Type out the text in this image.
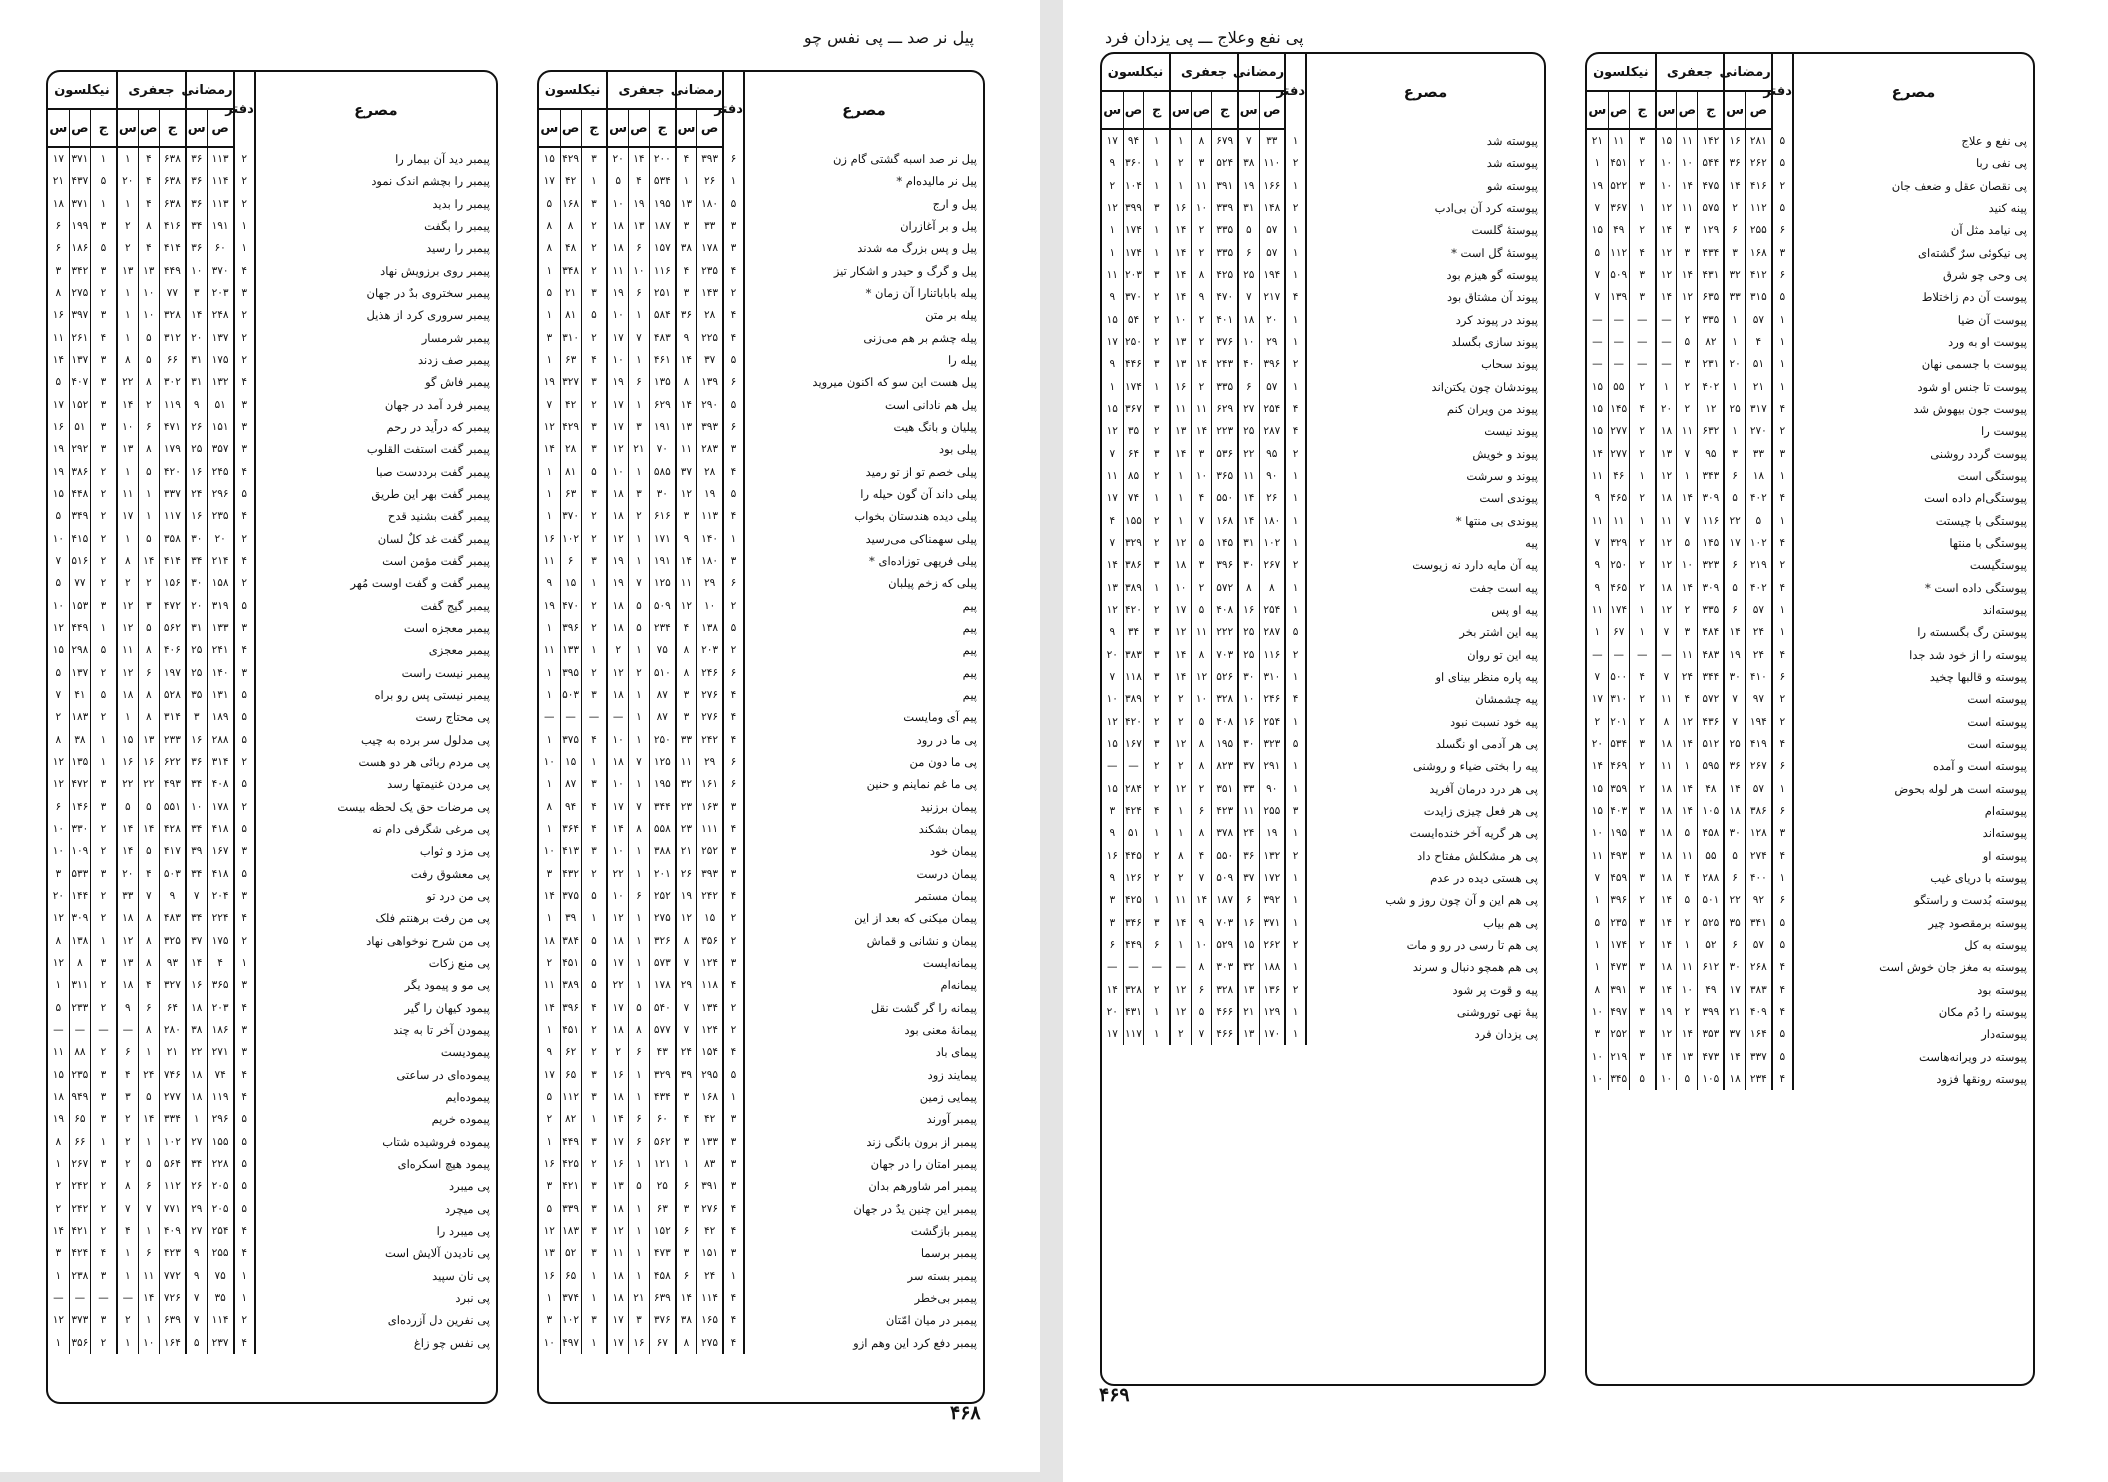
پیل نر صد ـــ پی نفس چو
مصرع	دفتر	رمضانی		جعفری			نیکلسون		
		ص	س	ج	ص	س	ج	ص	س
پیل نر صد اسبه گشتی گام زن	۶	۳۹۳	۴	۲۰۰	۱۴	۲۰	۳	۴۲۹	۱۵
پیل نر مالیده‌ام *	۱	۲۶	۱	۵۳۴	۴	۵	۱	۴۲	۱۷
پیل و ارج	۵	۱۸۰	۱۳	۱۹۵	۱۹	۱۰	۳	۱۶۸	۵
پیل و بر آغازران	۳	۳۳	۳	۱۸۷	۱۳	۱۸	۲	۸	۸
پیل و پس بزرگ مه شدند	۳	۱۷۸	۳۸	۱۵۷	۶	۱۸	۲	۴۸	۸
پیل و گرگ و حیدر و اشکار تیز	۴	۲۳۵	۴	۱۱۶	۱۰	۱۱	۲	۳۴۸	۱
پیله باباباتنارا آن زمان *	۲	۱۴۳	۳	۲۵۱	۶	۱۹	۳	۲۱	۵
پیله بر متن	۴	۲۸	۳۶	۵۸۴	۱	۱۰	۵	۸۱	۱
پیله چشم بر هم می‌زنی	۴	۲۲۵	۹	۴۸۳	۷	۱۷	۲	۳۱۰	۳
پیله را	۵	۳۷	۱۴	۴۶۱	۱	۱۰	۴	۶۳	۱
پیل هست این سو که اکنون میروید	۶	۱۳۹	۸	۱۳۵	۶	۱۹	۳	۳۲۷	۱۹
پیل هم نادانی است	۵	۲۹۰	۱۴	۶۲۹	۱	۱۷	۲	۴۲	۷
پیلیان و بانگ هیت	۶	۳۹۳	۱۳	۱۹۱	۳	۱۷	۳	۴۲۹	۱۲
پیلی بود	۳	۲۸۳	۱۱	۷۰	۲۱	۱۲	۳	۲۸	۱۴
پیلی خصم تو از تو رمید	۴	۲۸	۳۷	۵۸۵	۱	۱۰	۵	۸۱	۱
پیلی داند آن گون حیله را	۵	۱۹	۱۲	۳۰	۳	۱۸	۳	۶۳	۱
پیلی دیده هندستان بخواب	۴	۱۱۳	۳	۶۱۶	۲	۱۸	۲	۳۷۰	۱
پیلی سهمناکی می‌رسید	۱	۱۴۰	۹	۱۷۱	۱	۱۲	۲	۱۰۲	۱۶
پیلی فریهی توزاده‌ای *	۳	۱۸۰	۱۴	۱۹۱	۱	۱۹	۳	۶	۱۱
پیلی که زخم پیلبان	۶	۲۹	۱۱	۱۲۵	۷	۱۹	۱	۱۵	۹
پیم	۲	۱۰	۱۲	۵۰۹	۵	۱۸	۲	۴۷۰	۱۹
پیم	۵	۱۳۸	۴	۲۳۴	۵	۱۸	۲	۳۹۶	۱
پیم	۲	۲۰۳	۸	۷۵	۱	۲	۱	۱۳۳	۱۱
پیم	۶	۲۴۶	۸	۵۱۰	۲	۱۲	۲	۳۹۵	۱
پیم	۴	۲۷۶	۳	۸۷	۱	۱۸	۳	۵۰۳	۱
پیم آی ومایست	۴	۲۷۶	۳	۸۷	۱	—	—	—	—
پی ما در رود	۴	۲۴۲	۳۳	۲۵۰	۱	۱۰	۴	۳۷۵	۱
پی ما دون من	۶	۲۹	۱۱	۱۲۵	۷	۱۸	۱	۱۵	۱۰
پی ما غم نماینم و حنین	۶	۱۶۱	۳۲	۱۹۵	۱	۱۰	۳	۸۷	۱
پیمان برزنید	۳	۱۶۳	۲۳	۳۴۴	۷	۱۷	۴	۹۴	۸
پیمان بشکند	۴	۱۱۱	۲۳	۵۵۸	۸	۱۴	۴	۳۶۴	۱
پیمان خود	۳	۲۵۲	۲۱	۳۸۸	۱	۱۰	۳	۴۱۳	۱۰
پیمان درست	۳	۳۹۳	۲۶	۲۰۱	۱	۲۲	۲	۴۳۲	۳
پیمان مستمر	۴	۲۴۲	۱۹	۲۵۲	۶	۱۰	۵	۳۷۵	۱۴
پیمان میکنی که بعد از این	۲	۱۵	۱۲	۲۷۵	۱	۱۲	۱	۳۹	۱
پیمان و نشانی و قماش	۲	۳۵۶	۸	۳۲۶	۱	۱۸	۵	۳۸۴	۱۸
پیمانه‌ایست	۳	۱۲۴	۷	۵۷۳	۱	۱۷	۵	۴۵۱	۲
پیمانه‌ام	۴	۱۱۸	۲۹	۱۷۸	۱	۲۲	۵	۳۸۹	۱۱
پیمانه را گر گشت نقل	۲	۱۳۴	۷	۵۴۰	۵	۱۷	۴	۳۹۶	۱۴
پیمانهٔ معنی بود	۲	۱۲۴	۷	۵۷۷	۸	۱۸	۲	۴۵۱	۱
پیمای باد	۴	۱۵۴	۲۴	۴۳	۶	۲	۲	۶۲	۹
پیمایند زود	۵	۲۹۵	۳۹	۳۲۹	۱	۱۶	۳	۶۵	۱۷
پیمایی زمین	۱	۱۶۸	۳	۴۳۴	۱	۱۸	۳	۱۱۲	۵
پیمبر آورند	۳	۴۲	۴	۶۰	۶	۱۴	۱	۸۲	۲
پیمبر از برون بانگی زند	۳	۱۳۳	۳	۵۶۲	۶	۱۷	۳	۴۴۹	۱
پیمبر امتان را در جهان	۳	۸۳	۱	۱۲۱	۱	۱۶	۲	۴۲۵	۱۶
پیمبر امر شاورهم بدان	۳	۳۹۱	۶	۲۵	۵	۱۳	۳	۴۲۱	۳
پیمبر این چنین یدٌ در جهان	۴	۲۷۶	۳	۶۳	۱	۱۸	۳	۳۳۹	۵
پیمبر بازگشت	۴	۴۲	۶	۱۵۲	۱	۱۲	۳	۱۸۳	۱۲
پیمبر برسما	۳	۱۵۱	۳	۴۷۳	۱	۱۱	۳	۵۲	۱۳
پیمبر بسته سر	۱	۲۴	۶	۴۵۸	۱	۱۸	۱	۶۵	۱۶
پیمبر بی‌خطر	۴	۱۱۴	۱۴	۶۳۹	۲۱	۱۸	۱	۳۷۴	۱
پیمبر در میان امّتان	۴	۱۶۵	۳۸	۳۷۶	۳	۱۷	۳	۱۰۲	۳
پیمبر دفع کرد این وهم ازو	۴	۲۷۵	۸	۶۷	۱۶	۱۷	۱	۴۹۷	۱۰
مصرع	دفتر	رمضانی		جعفری			نیکلسون		
		ص	س	ج	ص	س	ج	ص	س
پیمبر دید آن بیمار را	۲	۱۱۳	۳۶	۶۳۸	۴	۱	۱	۳۷۱	۱۷
پیمبر را بچشم اندک نمود	۲	۱۱۴	۳۶	۶۳۸	۴	۲۰	۵	۴۳۷	۲۱
پیمبر را بدید	۲	۱۱۳	۳۶	۶۳۸	۴	۱	۱	۳۷۱	۱۸
پیمبر را بگفت	۱	۱۹۱	۳۴	۴۱۶	۸	۲	۳	۱۹۹	۶
پیمبر را رسید	۱	۶۰	۳۶	۴۱۴	۴	۲	۵	۱۸۶	۶
پیمبر روی برزویش نهاد	۴	۳۷۰	۱۰	۴۴۹	۱۳	۱۳	۳	۳۴۲	۳
پیمبر سختروی بدٌ در جهان	۳	۲۰۳	۳	۷۷	۱۰	۱	۲	۲۷۵	۸
پیمبر سروری کرد از هذیل	۲	۲۴۸	۱۴	۳۲۸	۱۰	۱	۳	۳۹۷	۱۶
پیمبر شرمسار	۲	۱۳۷	۲۰	۳۱۲	۵	۱	۴	۲۶۱	۱۱
پیمبر صف زدند	۲	۱۷۵	۳۱	۶۶	۵	۸	۳	۱۳۷	۱۴
پیمبر فاش گو	۴	۱۳۲	۳۱	۳۰۲	۸	۲۲	۳	۴۰۷	۵
پیمبر فرد آمد در جهان	۳	۵۱	۹	۱۱۹	۲	۱۴	۳	۱۵۲	۱۷
پیمبر که دراًید در رحم	۳	۱۵۱	۲۶	۴۷۱	۶	۱۰	۳	۵۱	۱۶
پیمبر گفت استفت القلوب	۳	۳۵۷	۲۵	۱۷۹	۸	۱۳	۳	۲۹۲	۱۹
پیمبر گفت برددست صبا	۴	۲۴۵	۱۶	۴۲۰	۵	۱	۲	۳۸۶	۱۹
پیمبر گفت بهر این طریق	۵	۲۹۶	۲۴	۳۳۷	۱	۱۱	۲	۴۴۸	۱۵
پیمبر گفت بشنید قدح	۴	۲۳۵	۱۶	۱۱۷	۱	۱۷	۲	۳۴۹	۵
پیمبر گفت غد کلٌ لسان	۲	۲۰	۳۰	۳۵۸	۵	۱	۲	۴۱۵	۱۰
پیمبر گفت مؤمن است	۴	۲۱۴	۳۴	۴۱۴	۱۴	۸	۲	۵۱۶	۷
پیمبر گفت و گفت اوست مُهر	۲	۱۵۸	۳۰	۱۵۶	۲	۲	۲	۷۷	۵
پیمبر گیج گفت	۵	۳۱۹	۲۰	۴۷۲	۳	۱۲	۳	۱۵۳	۱۰
پیمبر معجزه است	۳	۱۳۳	۳۱	۵۶۲	۵	۱۲	۱	۴۴۹	۱۲
پیمبر معجزی	۴	۲۴۱	۲۵	۴۰۶	۸	۱۱	۵	۲۹۸	۱۵
پیمبر نیست راست	۳	۱۴۰	۲۵	۱۹۷	۶	۱۲	۲	۱۳۷	۵
پیمبر نیستی پس رو براه	۵	۱۳۱	۳۵	۵۲۸	۸	۱۸	۵	۴۱	۷
پی محتاج رست	۵	۱۸۹	۳	۳۱۴	۸	۱	۲	۱۸۳	۲
پی مدلول سر برده به چیب	۵	۲۸۸	۱۶	۲۳۳	۱۳	۱۵	۱	۳۸	۸
پی مردم ربائی هر دو هست	۲	۳۱۴	۳۶	۶۲۲	۱۶	۱۶	۱	۱۳۵	۱۲
پی مردن غنیمتها رسد	۵	۴۰۸	۳۴	۴۹۳	۲۲	۲۲	۳	۴۷۲	۱۲
پی مرضات حق یک لحظه بیست	۲	۱۷۸	۱۰	۵۵۱	۵	۵	۳	۱۴۶	۶
پی مرغی شگرفی دام نه	۵	۴۱۸	۳۴	۴۲۸	۱۴	۱۴	۲	۳۳۰	۱۰
پی مزد و ثواب	۳	۱۶۷	۳۹	۴۱۷	۵	۱۴	۲	۱۰۹	۱۰
پی معشوق رفت	۵	۴۱۸	۳۴	۵۰۳	۴	۲۰	۳	۵۳۳	۳
پی من درد تو	۳	۲۰۴	۷	۹	۷	۳۳	۲	۱۴۴	۲۰
پی من رفت برهنتم فلک	۴	۲۲۴	۳۴	۴۸۳	۸	۱۸	۲	۳۰۹	۱۲
پی من شرح نوخواهی نهاد	۲	۱۷۵	۳۷	۳۲۵	۸	۱۲	۱	۱۳۸	۸
پی منع زکات	۱	۴	۱۴	۹۳	۸	۱۳	۳	۸	۱۲
پی مو و پیمود یگر	۳	۳۶۵	۱۶	۳۲۷	۴	۱۸	۲	۳۱۱	۱
پیمود کیهان را گیر	۴	۲۰۳	۱۸	۶۴	۶	۹	۲	۲۳۳	۵
پیمودن آخر تا به چند	۳	۱۸۶	۳۸	۲۸۰	۸	—	—	—	—
پیمودیست	۳	۲۷۱	۲۲	۲۱	۱	۶	۲	۸۸	۱۱
پیموده‌ای در ساعتی	۴	۷۴	۱۸	۷۴۶	۲۴	۴	۳	۲۳۵	۱۵
پیموده‌ایم	۴	۱۱۹	۱۸	۲۷۷	۵	۳	۳	۹۴۹	۱۸
پیموده خریم	۵	۲۹۶	۱	۳۳۴	۱۴	۲	۳	۶۵	۱۹
پیموده فروشیده شتاب	۵	۱۵۵	۲۷	۱۰۲	۱	۲	۱	۶۶	۸
پیمود هیچ اسکره‌ای	۵	۲۲۸	۳۴	۵۶۴	۵	۲	۳	۲۶۷	۱
پی میبرد	۵	۲۰۵	۲۶	۱۱۲	۶	۸	۲	۲۴۲	۲
پی میچرد	۵	۲۰۵	۲۹	۷۷۱	۷	۷	۲	۲۴۲	۲
پی میبرد را	۴	۲۵۴	۲۷	۴۰۹	۱	۴	۲	۴۲۱	۱۴
پی نادیدن آلایش است	۴	۲۵۵	۹	۴۲۳	۶	۱	۴	۴۲۴	۳
پی نان سپید	۱	۷۵	۹	۷۷۲	۱۱	۱	۳	۲۳۸	۱
پی نبرد	۱	۳۵	۷	۷۲۶	۱۴	—	—	—	—
پی نفرین دل آزرده‌ای	۲	۱۱۴	۷	۶۳۹	۱	۲	۳	۳۷۳	۱۲
پی نفس چو زاغ	۴	۲۳۷	۵	۱۶۴	۱۰	۱	۲	۳۵۶	۱
۴۶۸
پی نفع وعلاج ـــ پی یزدان فرد
مصرع	دفتر	رمضانی		جعفری			نیکلسون		
		ص	س	ج	ص	س	ج	ص	س
پی نفع و علاج	۵	۲۸۱	۱۶	۱۴۲	۱۱	۱۵	۳	۱۱	۲۱
پی نفی ربا	۵	۲۶۲	۳۶	۵۴۴	۱۰	۱۰	۲	۴۵۱	۱
پی نقصان عقل و ضعف جان	۲	۴۱۶	۱۴	۴۷۵	۱۴	۱۰	۳	۵۲۲	۱۹
پینه کنید	۵	۱۱۲	۲	۵۷۵	۱۱	۱۲	۱	۳۶۷	۷
پی نیامد مثل آن	۶	۲۵۵	۶	۱۲۹	۳	۱۴	۲	۴۹	۱۵
پی نیکوئی سرٌ گشته‌ای	۳	۱۶۸	۳	۴۳۴	۳	۱۲	۴	۱۱۲	۵
پی وحی چو شرق	۶	۴۱۲	۳۲	۴۳۱	۱۴	۱۲	۳	۵۰۹	۷
پیوست آن دم زاختلاط	۵	۳۱۵	۳۳	۶۳۵	۱۲	۱۴	۳	۱۳۹	۷
پیوست آن ضیا	۱	۵۷	۱	۳۳۵	۲	—	—	—	—
پیوست او به ورد	۱	۴	۱	۸۲	۵	—	—	—	—
پیوست با جسمی نهان	۱	۵۱	۲۰	۲۳۱	۳	—	—	—	—
پیوست تا جنس او شود	۱	۲۱	۱	۴۰۲	۲	۱	۲	۵۵	۱۵
پیوست جون بیهوش شد	۴	۳۱۷	۲۵	۱۲	۲	۲۰	۴	۱۴۵	۱۵
پیوست را	۲	۲۷۰	۱	۶۳۲	۱۱	۱۸	۲	۲۷۷	۱۵
پیوست گردد روشنی	۳	۳۳	۳	۹۵	۷	۱۳	۲	۲۷۷	۱۴
پیوستگی است	۱	۱۸	۶	۳۴۳	۱	۱۲	۱	۴۶	۱۱
پیوستگی‌ام داده است	۴	۴۰۲	۵	۳۰۹	۱۴	۱۸	۲	۴۶۵	۹
پیوستگی با چیستت	۱	۵	۲۲	۱۱۶	۷	۱۱	۱	۱۱	۱۱
پیوستگی با منتها	۴	۱۰۲	۱۷	۱۴۵	۵	۱۲	۲	۳۲۹	۷
پیوستگیست	۲	۲۱۹	۶	۳۲۳	۱۰	۱۲	۲	۲۵۰	۹
پیوستگی داده است *	۴	۴۰۲	۵	۳۰۹	۱۴	۱۸	۲	۴۶۵	۹
پیوسته‌اند	۱	۵۷	۶	۳۳۵	۲	۱۲	۱	۱۷۴	۱۱
پیوستن رگ بگسسته را	۱	۲۴	۱۴	۴۸۴	۳	۷	۱	۶۷	۱
پیوسته را از خود شد جدا	۴	۲۴	۱۹	۴۸۳	۱۱	—	—	—	—
پیوسته و قالبها چخید	۶	۴۱۰	۳۰	۳۴۴	۲۴	۷	۴	۵۰۰	۷
پیوسته است	۲	۹۷	۷	۵۷۲	۴	۱۱	۲	۳۱۰	۱۷
پیوسته است	۲	۱۹۴	۷	۴۳۶	۱۲	۸	۲	۲۰۱	۲
پیوسته است	۴	۴۱۹	۲۵	۵۱۲	۱۴	۱۸	۳	۵۳۴	۲۰
پیوسته است و آمده	۶	۲۶۷	۳۶	۵۹۵	۱	۱۱	۲	۴۶۹	۱۴
پیوسته است هر لوله بحوض	۱	۵۷	۱۴	۴۸	۱۴	۱۸	۲	۳۵۹	۱۵
پیوسته‌ام	۶	۳۸۶	۱۸	۱۰۵	۱۴	۱۸	۳	۴۰۳	۱۵
پیوسته‌اند	۳	۱۲۸	۳۰	۴۵۸	۵	۱۸	۳	۱۹۵	۱۰
پیوسته او	۴	۲۷۴	۵	۵۵	۱۱	۱۸	۳	۴۹۳	۱۱
پیوسته با دریای غیب	۱	۴۰۰	۶	۲۸۸	۴	۱۸	۳	۴۵۹	۷
پیوسته بُدست و راستگو	۶	۹۲	۲۲	۵۰۱	۵	۱۴	۲	۳۹۶	۱
پیوسته برمقصود چیر	۵	۳۴۱	۳۵	۵۲۵	۲	۱۴	۳	۲۳۵	۵
پیوسته به کل	۵	۵۷	۶	۵۲	۱	۱۴	۲	۱۷۴	۱
پیوسته به مغز جان خوش است	۴	۲۶۸	۳۰	۶۱۲	۱۱	۱۸	۳	۴۷۳	۱
پیوسته بود	۴	۳۸۳	۱۷	۴۹	۱۰	۱۴	۳	۳۹۱	۸
پیوسته را دُم مکان	۴	۴۰۹	۲۱	۳۹۹	۲	۱۹	۳	۴۹۷	۱۰
پیوسته‌دار	۵	۱۶۴	۳۷	۳۵۳	۱۴	۱۲	۳	۲۵۲	۳
پیوسته در ویرانه‌هاست	۵	۳۳۷	۱۴	۴۷۳	۱۳	۱۴	۳	۲۱۹	۱۰
پیوسته رونقها فزود	۴	۲۳۴	۱۸	۱۰۵	۵	۱۰	۵	۳۴۵	۱۰
مصرع	دفتر	رمضانی		جعفری			نیکلسون		
		ص	س	ج	ص	س	ج	ص	س
پیوسته شد	۱	۳۳	۷	۶۷۹	۸	۱	۱	۹۴	۱۷
پیوسته شد	۲	۱۱۰	۳۸	۵۲۴	۳	۲	۱	۳۶۰	۹
پیوسته شو	۱	۱۶۶	۱۹	۳۹۱	۱۱	۱	۱	۱۰۴	۲
پیوسته کرد آن بی‌ادب	۲	۱۴۸	۳۱	۳۳۹	۱۰	۱۶	۳	۳۹۹	۱۲
پیوستهٔ گلست	۱	۵۷	۵	۳۳۵	۲	۱۴	۱	۱۷۴	۱
پیوستهٔ گل است *	۱	۵۷	۶	۳۳۵	۲	۱۴	۱	۱۷۴	۱
پیوسته گو هیزم بود	۱	۱۹۴	۲۵	۴۲۵	۸	۱۴	۳	۲۰۳	۱۱
پیوند آن مشتاق بود	۴	۲۱۷	۷	۴۷۰	۹	۱۴	۲	۳۷۰	۹
پیوند در پیوند کرد	۱	۲۰	۱۸	۴۰۱	۲	۱۰	۲	۵۴	۱۵
پیوند سازی بگسلد	۱	۲۹	۱۰	۳۷۶	۲	۱۳	۲	۲۵۰	۱۷
پیوند سحاب	۲	۳۹۶	۴۰	۲۴۳	۱۴	۱۳	۳	۴۴۶	۹
پیوندشان چون یکتن‌اند	۱	۵۷	۶	۳۳۵	۲	۱۶	۱	۱۷۴	۱
پیوند من ویران کنم	۴	۲۵۴	۲۷	۶۲۹	۱۱	۱۱	۳	۳۶۷	۱۵
پیوند نیست	۴	۲۸۷	۲۵	۲۲۳	۱۴	۱۳	۲	۳۵	۱۲
پیوند و خویش	۲	۹۵	۲۲	۵۳۶	۳	۱۴	۳	۶۴	۷
پیوند و سرشت	۱	۹۰	۱۱	۳۶۵	۱۰	۱	۲	۸۵	۱۱
پیوندی است	۱	۲۶	۱۴	۵۵۰	۴	۱	۱	۷۴	۱۷
پیوندی بی منتها *	۱	۱۸۰	۱۴	۱۶۸	۷	۱	۲	۱۵۵	۴
پیه	۱	۱۰۲	۳۱	۱۴۵	۵	۱۲	۲	۳۲۹	۷
پیه آن مایه دارد نه زیوست	۲	۲۶۷	۳۰	۳۹۶	۳	۱۸	۳	۳۸۶	۱۴
پیه است جفت	۱	۸	۸	۵۷۲	۲	۱۰	۱	۳۸۹	۱۳
پیه او پس	۱	۲۵۴	۱۶	۴۰۸	۵	۱۷	۲	۴۲۰	۱۲
پیه این اشتر بخر	۵	۲۸۷	۲۵	۲۲۲	۱۱	۱۲	۳	۳۴	۹
پیه این تو روان	۲	۱۱۶	۲۵	۷۰۳	۸	۱۴	۳	۳۸۳	۲۰
پیه پاره منظر بینای او	۱	۳۱۰	۳۰	۵۲۶	۱۲	۱۴	۳	۱۱۸	۷
پیه چشمشان	۴	۲۴۶	۱۰	۳۲۸	۱۰	۲	۲	۳۸۹	۱۰
پیه خود نسبت نبود	۱	۲۵۴	۱۶	۴۰۸	۵	۲	۲	۴۲۰	۱۲
پی هر آدمی او نگسلد	۵	۳۲۳	۳۰	۱۹۵	۸	۱۲	۳	۱۶۷	۱۵
پیه را بختی ضیاء و روشنی	۱	۲۹۱	۳۷	۸۲۳	۸	۲	۲	—	—
پی هر درد درمان آفرید	۱	۹۰	۳۳	۳۵۱	۲	۱۲	۲	۲۸۴	۱۵
پی هر فعل چیزی زایدت	۳	۲۵۵	۱۱	۴۲۳	۶	۱	۴	۴۲۴	۳
پی هر گریه آخر خنده‌ایست	۱	۱۹	۲۴	۳۷۸	۸	۱	۱	۵۱	۹
پی هر مشکلش مفتاح داد	۲	۱۳۲	۳۶	۵۵۰	۴	۸	۲	۴۴۵	۱۶
پی هستی دیده در عدم	۱	۱۷۲	۳۷	۵۰۹	۷	۲	۲	۱۲۶	۹
پی هم این و آن چون روز و شب	۱	۳۹۲	۶	۱۸۷	۱۴	۱۱	۱	۴۲۵	۳
پی هم بیاب	۱	۳۷۱	۱۶	۷۰۳	۹	۱۴	۳	۳۴۶	۳
پی هم تا رسی در رو و مات	۲	۲۶۲	۱۵	۵۲۹	۱۰	۱	۶	۴۴۹	۶
پی هم همچو دنبال و سرند	۱	۱۸۸	۳۲	۳۰۳	۸	—	—	—	—
پیه و قوت پر شود	۲	۱۳۶	۱۳	۳۲۸	۶	۱۲	۲	۳۲۸	۱۴
پیهٔ نهی توروشنی	۱	۱۲۹	۲۱	۴۶۶	۵	۱۲	۱	۴۳۱	۲۰
پی یزدان فرد	۱	۱۷۰	۱۳	۴۶۶	۷	۲	۱	۱۱۷	۱۷
۴۶۹
